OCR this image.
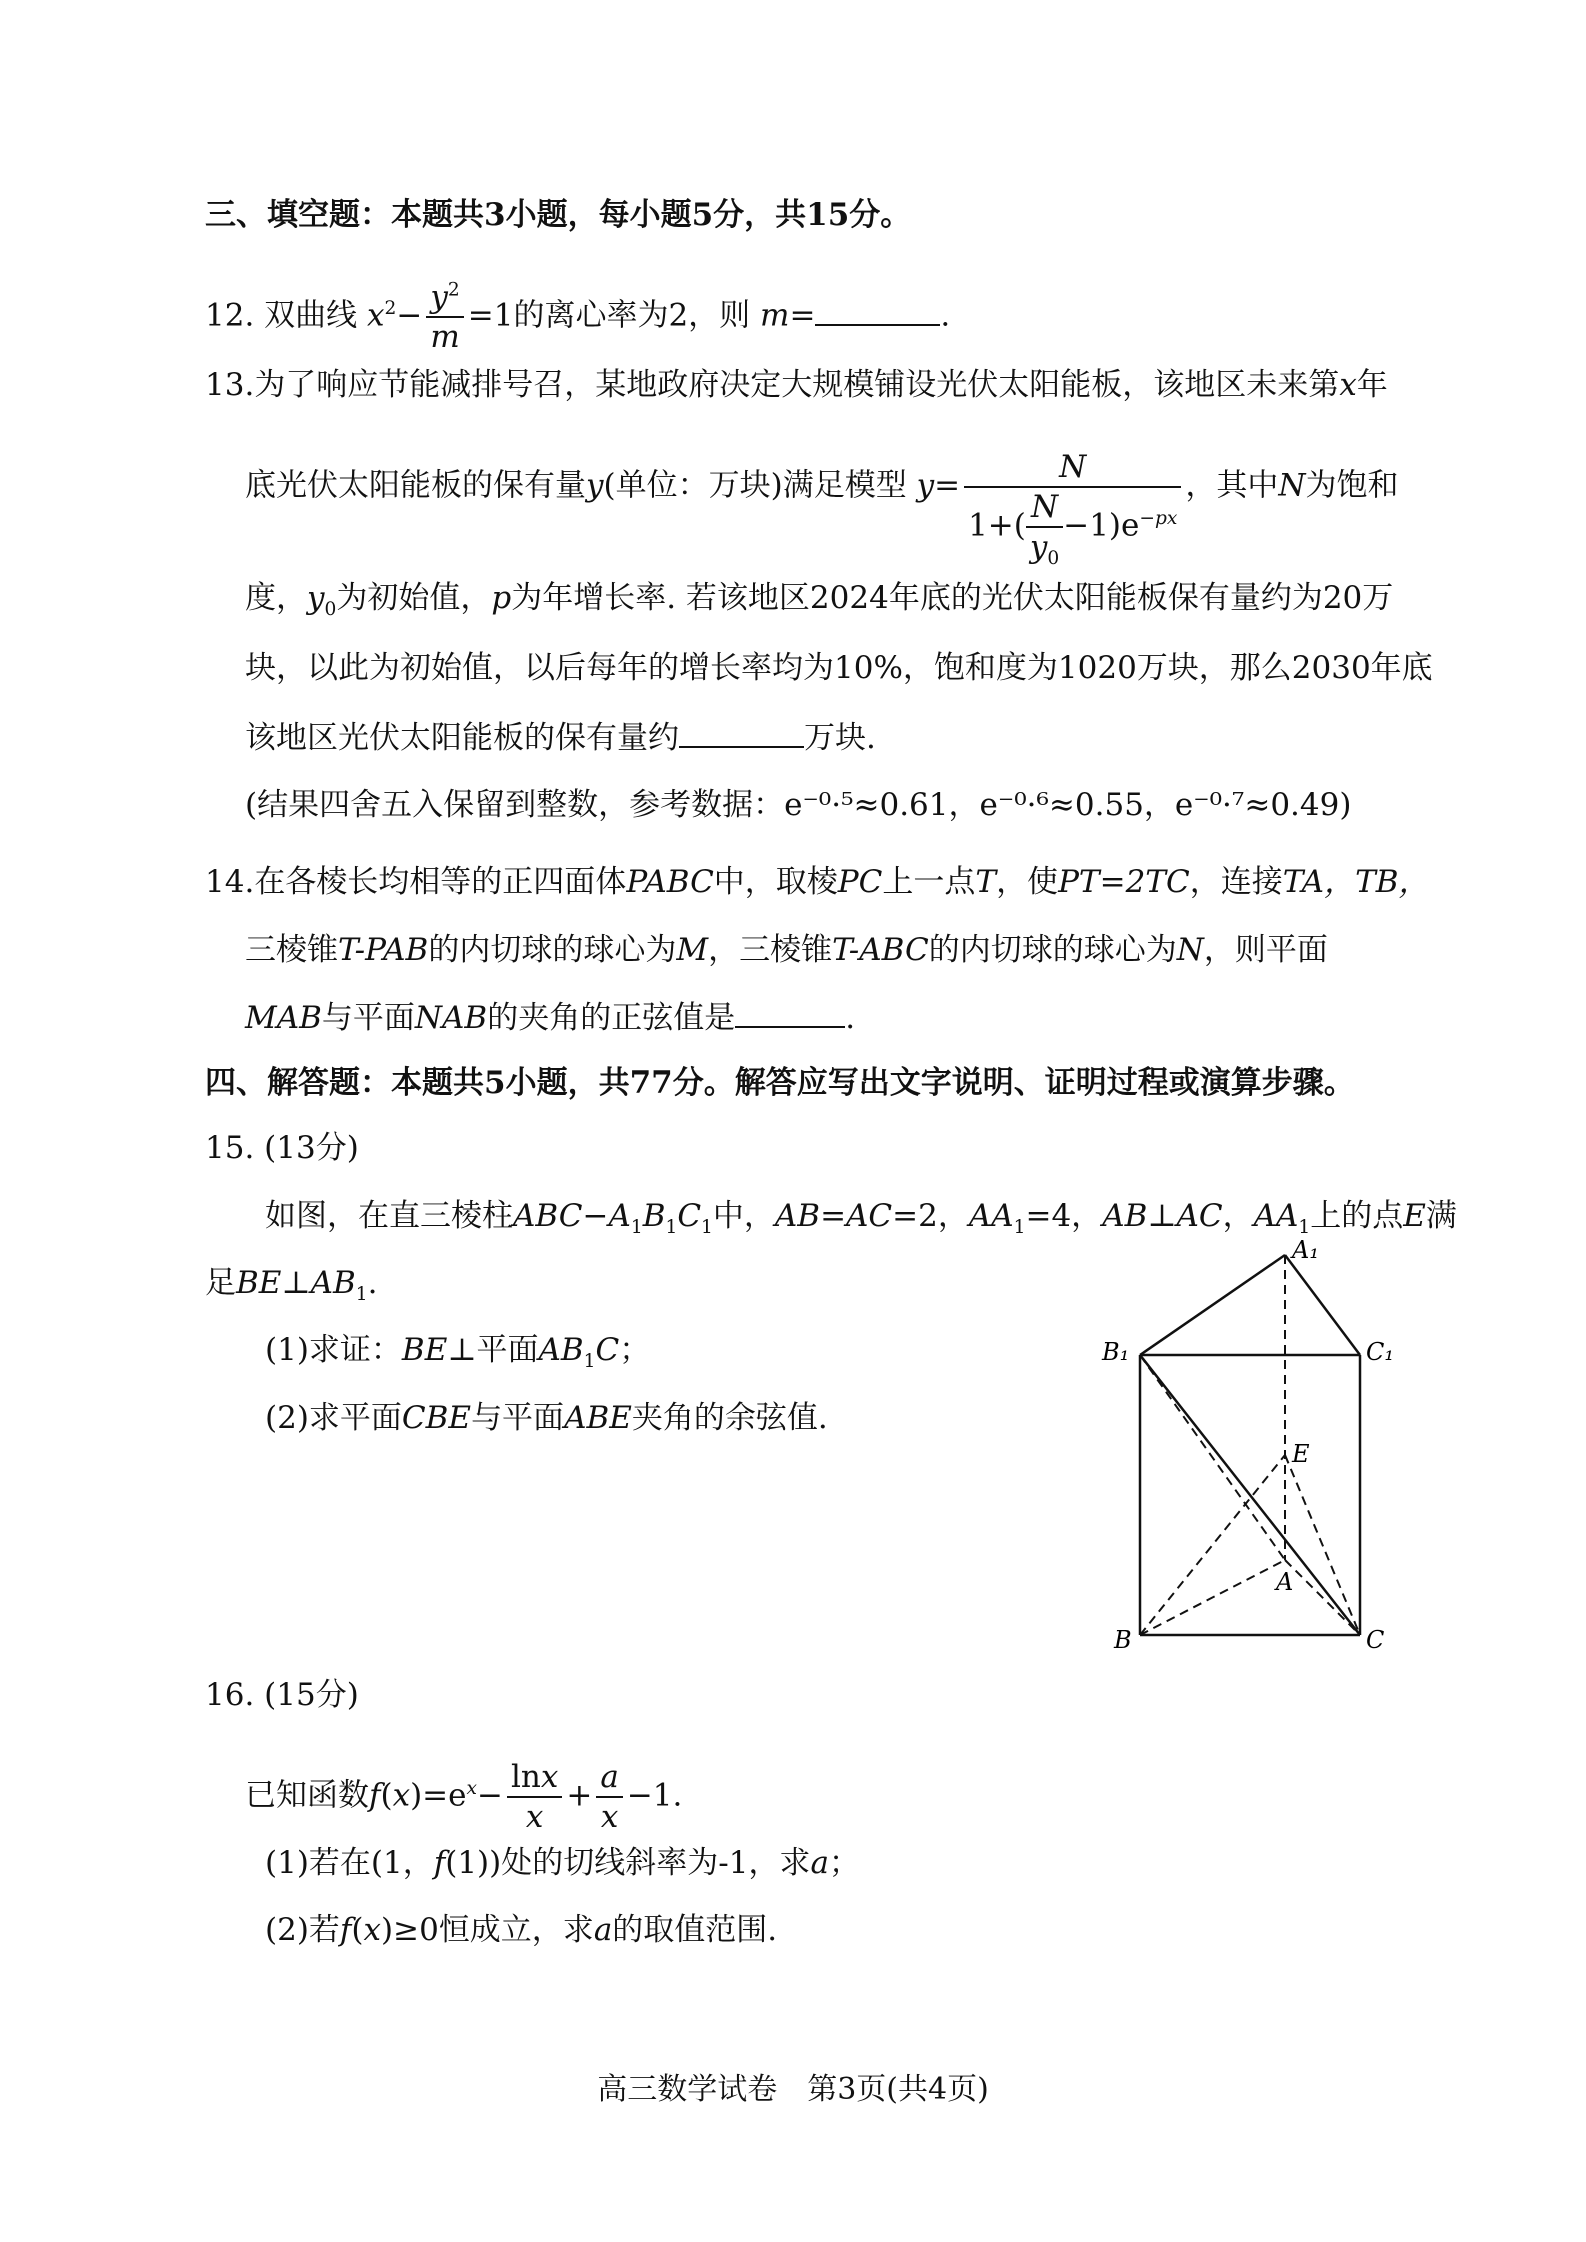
三、填空题：本题共3小题，每小题5分，共15分。
12. 双曲线 $x^2- \frac{y^2}{m} =1$的离心率为2，则 m=	.
13.为了响应节能减排号召，某地政府决定大规模铺设光伏太阳能板，该地区未来第x年
底光伏太阳能板的保有量y(单位：万块)满足模型 $y= \frac{N}{1+( \frac{N}{y_0} -1)e^{-px}}$ ，其中N为饱和
度，$y_0$为初始值，p为年增长率. 若该地区2024年底的光伏太阳能板保有量约为20万
块，以此为初始值，以后每年的增长率均为10%，饱和度为1020万块，那么2030年底
该地区光伏太阳能板的保有量约	万块.
(结果四舍五入保留到整数，参考数据：e⁻⁰·⁵≈0.61，e⁻⁰·⁶≈0.55，e⁻⁰·⁷≈0.49)
14.在各棱长均相等的正四面体PABC中，取棱PC上一点T，使PT=2TC，连接TA，TB，
三棱锥T-PAB的内切球的球心为M，三棱锥T-ABC的内切球的球心为N，则平面
MAB与平面NAB的夹角的正弦值是	.
四、解答题：本题共5小题，共77分。解答应写出文字说明、证明过程或演算步骤。
15. (13分)
如图，在直三棱柱$ABC-A_1B_1C_1$中，AB=AC=2，$AA_1=4$，AB⊥AC，$AA_1$上的点E满
足$BE\perp AB_1$.
(1)求证：BE⊥平面$AB_1C$；
(2)求平面CBE与平面ABE夹角的余弦值.
A₁
B₁	C₁
E
A
B	C
16. (15分)
已知函数$f(x)=e^x- \frac{\ln x}{x} + \frac{a}{x} -1$.
(1)若在(1，f(1))处的切线斜率为-1，求a；
(2)若f(x)≥0恒成立，求a的取值范围.
高三数学试卷　第3页(共4页)
